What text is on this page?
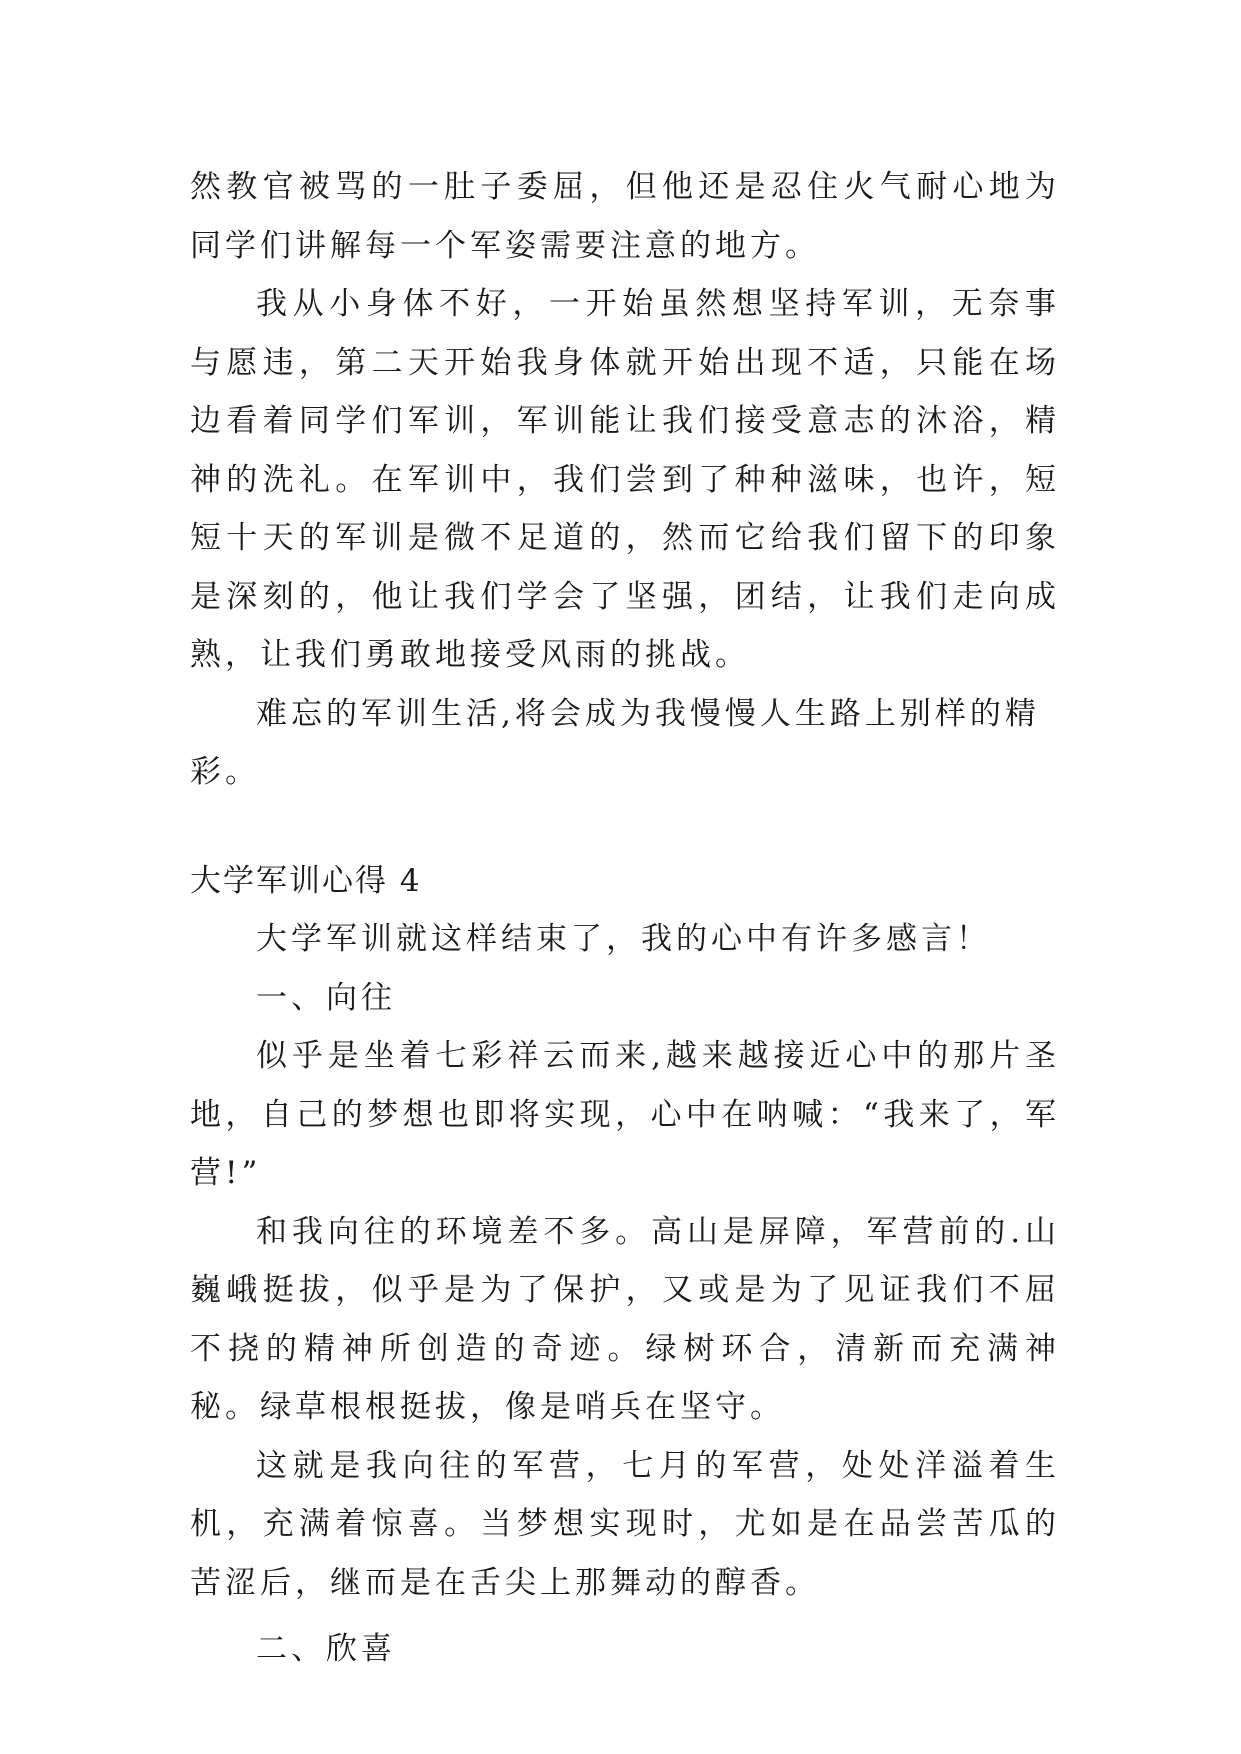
然教官被骂的一肚子委屈，但他还是忍住火气耐心地为同学们讲解每一个军姿需要注意的地方。

我从小身体不好，一开始虽然想坚持军训，无奈事与愿违，第二天开始我身体就开始出现不适，只能在场边看着同学们军训，军训能让我们接受意志的沐浴，精神的洗礼。在军训中，我们尝到了种种滋味，也许，短短十天的军训是微不足道的，然而它给我们留下的印象是深刻的，他让我们学会了坚强，团结，让我们走向成熟，让我们勇敢地接受风雨的挑战。

难忘的军训生活,将会成为我慢慢人生路上别样的精彩。

大学军训心得 4

大学军训就这样结束了，我的心中有许多感言！

一、向往

似乎是坐着七彩祥云而来,越来越接近心中的那片圣地，自己的梦想也即将实现，心中在呐喊：“我来了，军营!”

和我向往的环境差不多。高山是屏障，军营前的.山巍峨挺拔，似乎是为了保护，又或是为了见证我们不屈不挠的精神所创造的奇迹。绿树环合，清新而充满神秘。绿草根根挺拔，像是哨兵在坚守。

这就是我向往的军营，七月的军营，处处洋溢着生机，充满着惊喜。当梦想实现时，尤如是在品尝苦瓜的苦涩后，继而是在舌尖上那舞动的醇香。

二、欣喜
